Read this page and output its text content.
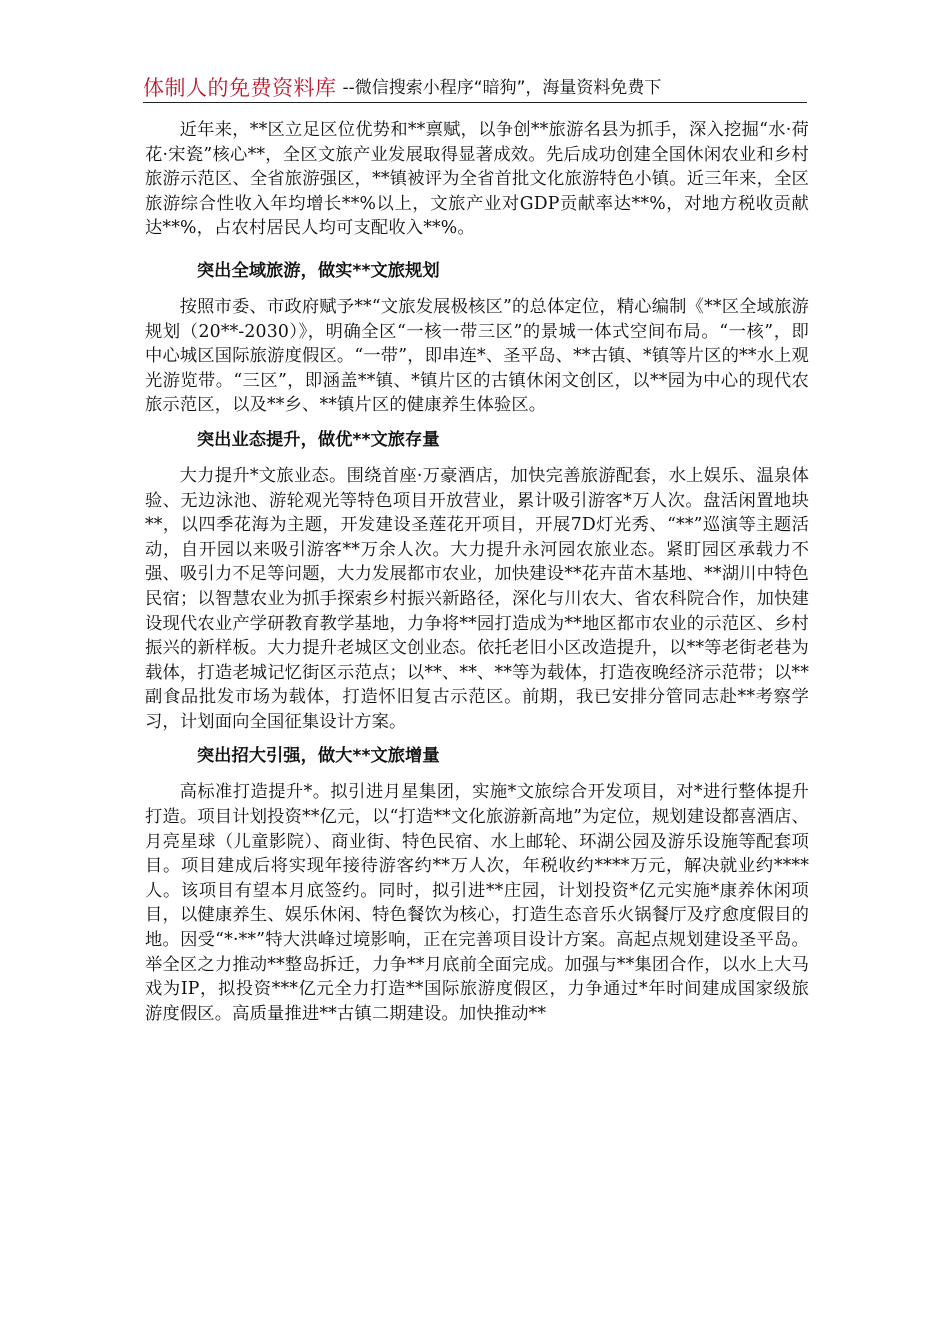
体制人的免费资料库 --微信搜索小程序“暗狗”，海量资料免费下

近年来，**区立足区位优势和**禀赋，以争创**旅游名县为抓手，深入挖掘“水·荷花·宋瓷”核心**，全区文旅产业发展取得显著成效。先后成功创建全国休闲农业和乡村旅游示范区、全省旅游强区，**镇被评为全省首批文化旅游特色小镇。近三年来，全区旅游综合性收入年均增长**%以上，文旅产业对GDP贡献率达**%，对地方税收贡献达**%，占农村居民人均可支配收入**%。

突出全域旅游，做实**文旅规划

按照市委、市政府赋予**“文旅发展极核区”的总体定位，精心编制《**区全域旅游规划（20**-2030）》，明确全区“一核一带三区”的景城一体式空间布局。“一核”，即中心城区国际旅游度假区。“一带”，即串连*、圣平岛、**古镇、*镇等片区的**水上观光游览带。“三区”，即涵盖**镇、*镇片区的古镇休闲文创区，以**园为中心的现代农旅示范区，以及**乡、**镇片区的健康养生体验区。

突出业态提升，做优**文旅存量

大力提升*文旅业态。围绕首座·万豪酒店，加快完善旅游配套，水上娱乐、温泉体验、无边泳池、游轮观光等特色项目开放营业，累计吸引游客*万人次。盘活闲置地块**，以四季花海为主题，开发建设圣莲花开项目，开展7D灯光秀、“**”巡演等主题活动，自开园以来吸引游客**万余人次。大力提升永河园农旅业态。紧盯园区承载力不强、吸引力不足等问题，大力发展都市农业，加快建设**花卉苗木基地、**湖川中特色民宿；以智慧农业为抓手探索乡村振兴新路径，深化与川农大、省农科院合作，加快建设现代农业产学研教育教学基地，力争将**园打造成为**地区都市农业的示范区、乡村振兴的新样板。大力提升老城区文创业态。依托老旧小区改造提升，以**等老街老巷为载体，打造老城记忆街区示范点；以**、**、**等为载体，打造夜晚经济示范带；以**副食品批发市场为载体，打造怀旧复古示范区。前期，我已安排分管同志赴**考察学习，计划面向全国征集设计方案。

突出招大引强，做大**文旅增量

高标准打造提升*。拟引进月星集团，实施*文旅综合开发项目，对*进行整体提升打造。项目计划投资**亿元，以“打造**文化旅游新高地”为定位，规划建设都喜酒店、月亮星球（儿童影院）、商业街、特色民宿、水上邮轮、环湖公园及游乐设施等配套项目。项目建成后将实现年接待游客约**万人次，年税收约****万元，解决就业约****人。该项目有望本月底签约。同时，拟引进**庄园，计划投资*亿元实施*康养休闲项目，以健康养生、娱乐休闲、特色餐饮为核心，打造生态音乐火锅餐厅及疗愈度假目的地。因受“*·**”特大洪峰过境影响，正在完善项目设计方案。高起点规划建设圣平岛。举全区之力推动**整岛拆迁，力争**月底前全面完成。加强与**集团合作，以水上大马戏为IP，拟投资***亿元全力打造**国际旅游度假区，力争通过*年时间建成国家级旅游度假区。高质量推进**古镇二期建设。加快推动**
